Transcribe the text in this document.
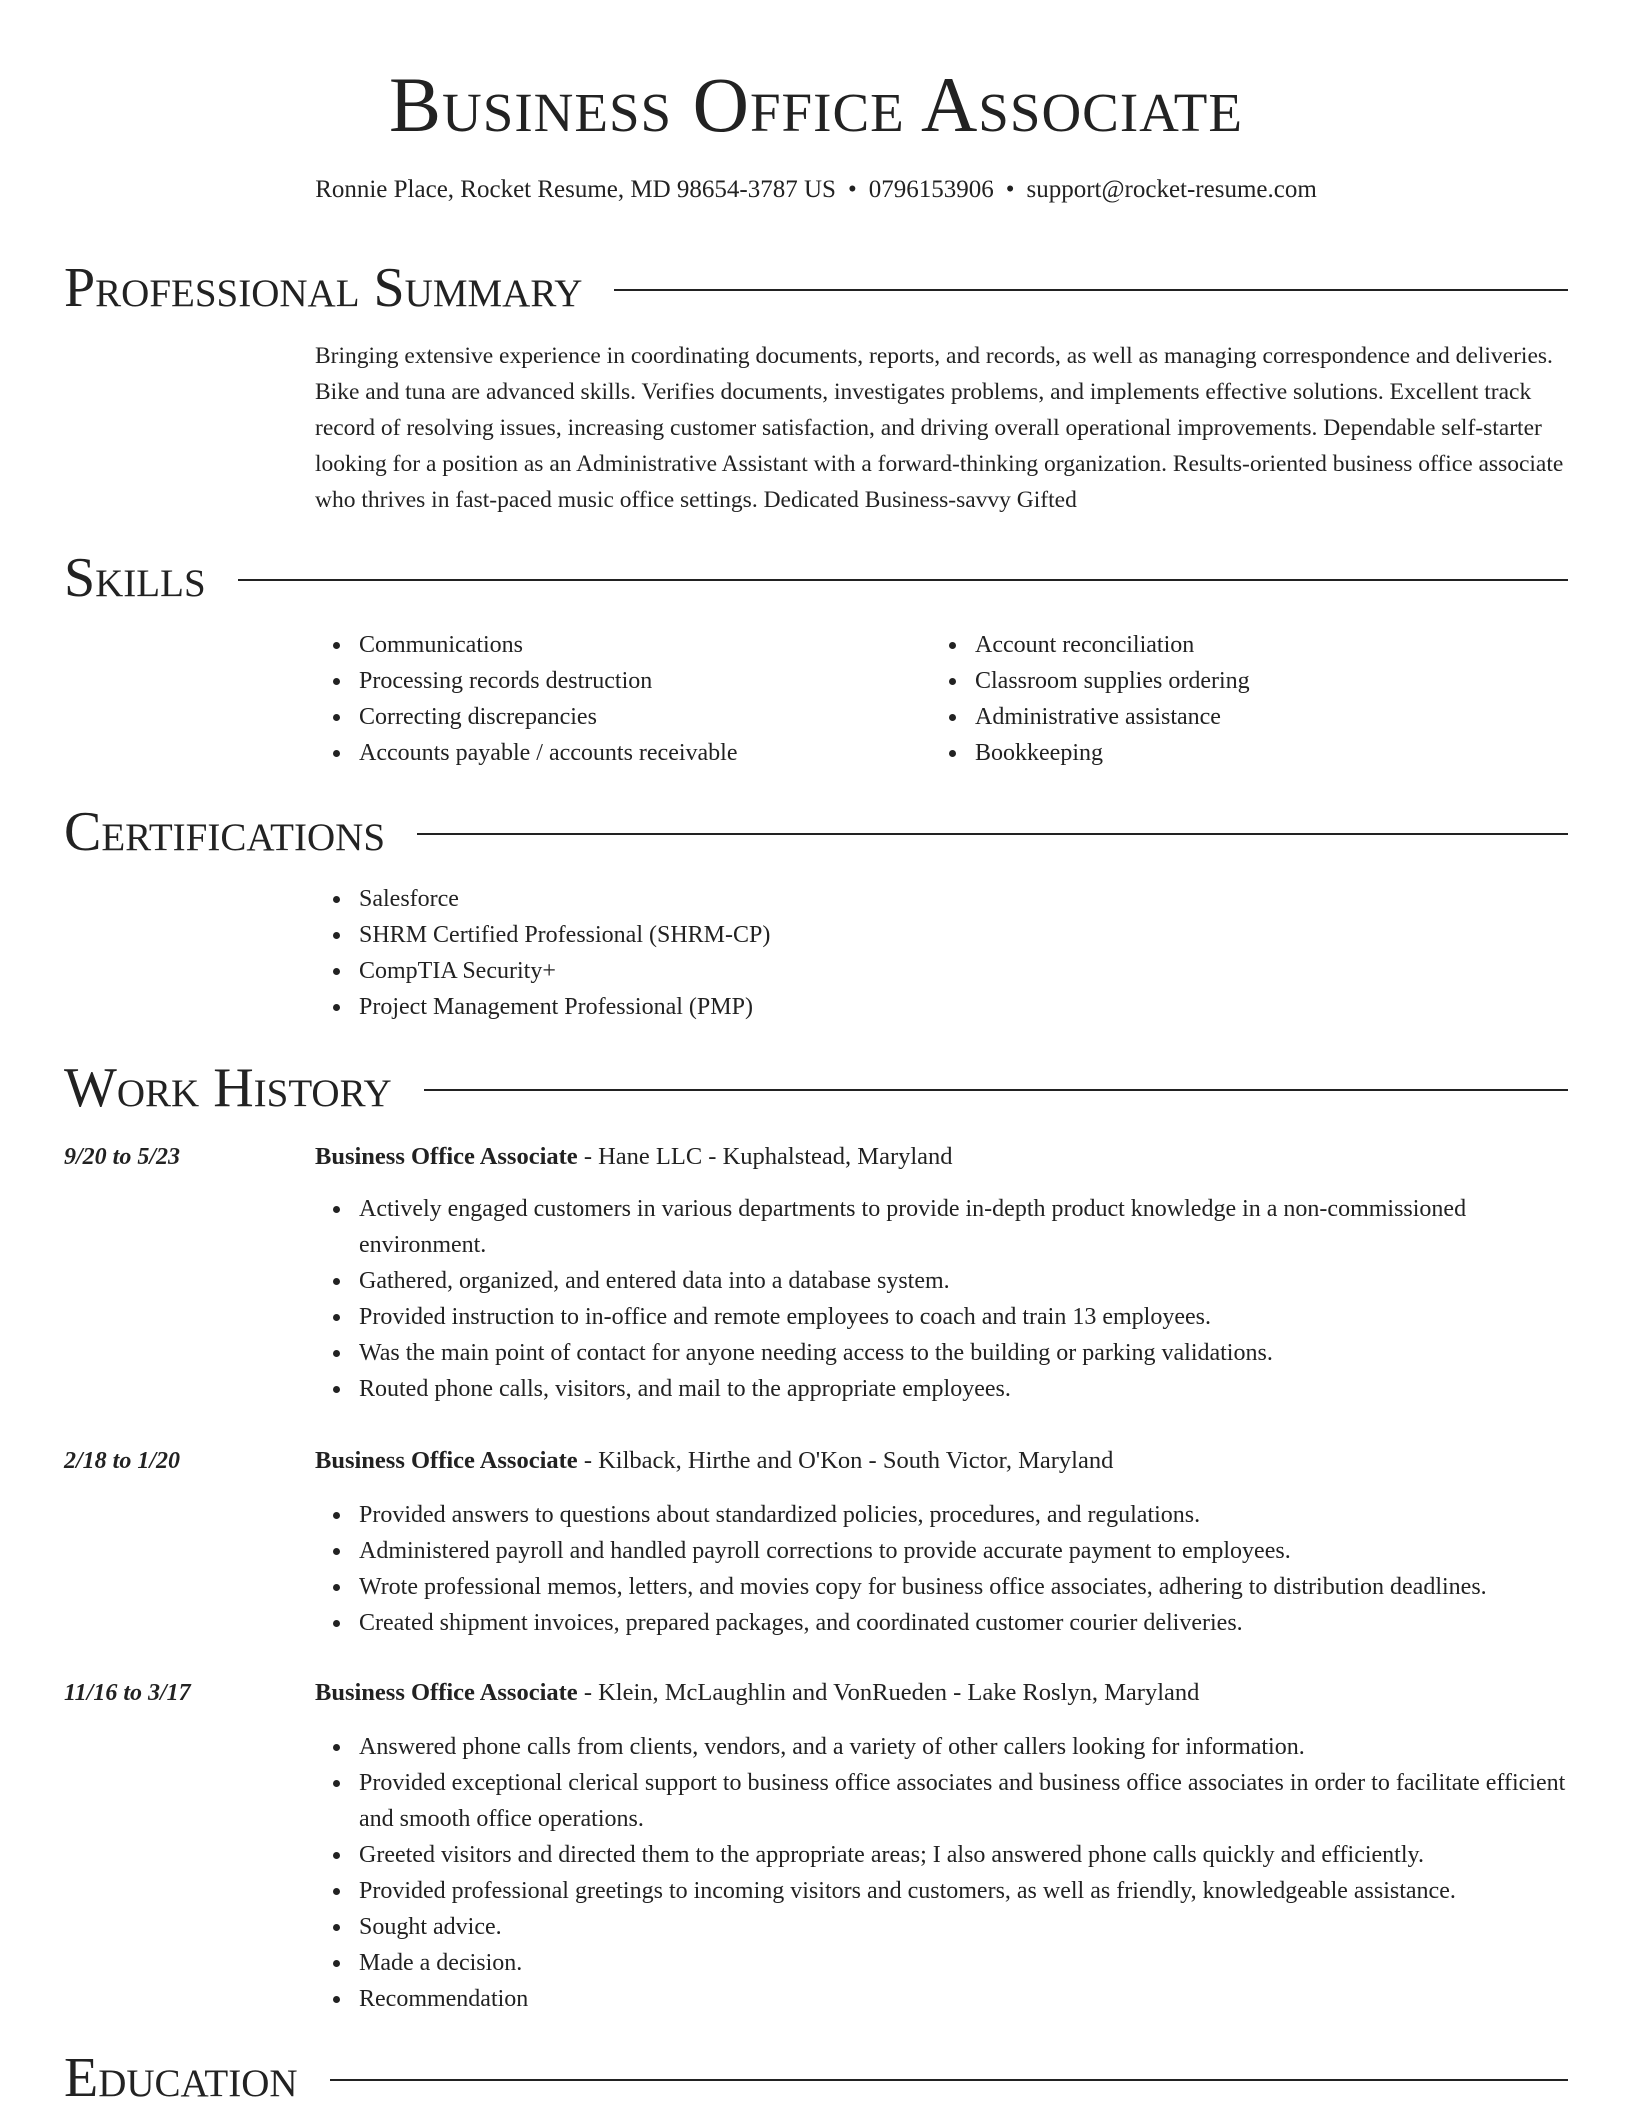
Business Office Associate
Ronnie Place, Rocket Resume, MD 98654-3787 US • 0796153906 • support@rocket-resume.com
Professional Summary

Bringing extensive experience in coordinating documents, reports, and records, as well as managing correspondence and deliveries. Bike and tuna are advanced skills. Verifies documents, investigates problems, and implements effective solutions. Excellent track record of resolving issues, increasing customer satisfaction, and driving overall operational improvements. Dependable self-starter looking for a position as an Administrative Assistant with a forward-thinking organization. Results-oriented business office associate who thrives in fast-paced music office settings. Dedicated Business-savvy Gifted

Skills
Communications
Processing records destruction
Correcting discrepancies
Accounts payable / accounts receivable
Account reconciliation
Classroom supplies ordering
Administrative assistance
Bookkeeping
Certifications
Salesforce
SHRM Certified Professional (SHRM-CP)
CompTIA Security+
Project Management Professional (PMP)
Work History
9/20 to 5/23	Business Office Associate - Hane LLC - Kuphalstead, Maryland
Actively engaged customers in various departments to provide in-depth product knowledge in a non-commissioned environment.
Gathered, organized, and entered data into a database system.
Provided instruction to in-office and remote employees to coach and train 13 employees.
Was the main point of contact for anyone needing access to the building or parking validations.
Routed phone calls, visitors, and mail to the appropriate employees.
2/18 to 1/20	Business Office Associate - Kilback, Hirthe and O'Kon - South Victor, Maryland
Provided answers to questions about standardized policies, procedures, and regulations.
Administered payroll and handled payroll corrections to provide accurate payment to employees.
Wrote professional memos, letters, and movies copy for business office associates, adhering to distribution deadlines.
Created shipment invoices, prepared packages, and coordinated customer courier deliveries.
11/16 to 3/17	Business Office Associate - Klein, McLaughlin and VonRueden - Lake Roslyn, Maryland
Answered phone calls from clients, vendors, and a variety of other callers looking for information.
Provided exceptional clerical support to business office associates and business office associates in order to facilitate efficient and smooth office operations.
Greeted visitors and directed them to the appropriate areas; I also answered phone calls quickly and efficiently.
Provided professional greetings to incoming visitors and customers, as well as friendly, knowledgeable assistance.
Sought advice.
Made a decision.
Recommendation
Education
